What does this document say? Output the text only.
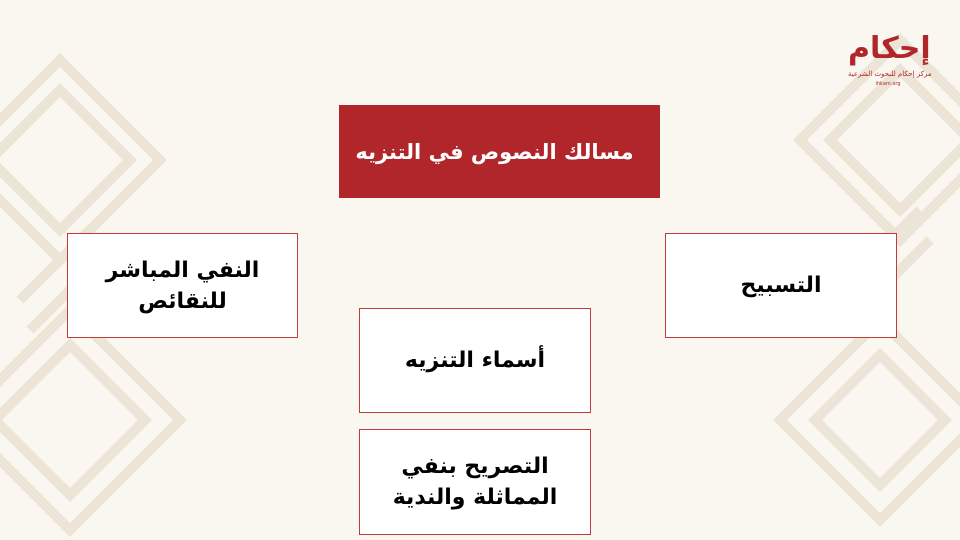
إحكام
مركز إحكام للبحوث الشرعية
ihkam.org
مسالك النصوص في التنزيه
التسبيح
النفي المباشر
للنقائص
أسماء التنزيه
التصريح بنفي
المماثلة والندية
